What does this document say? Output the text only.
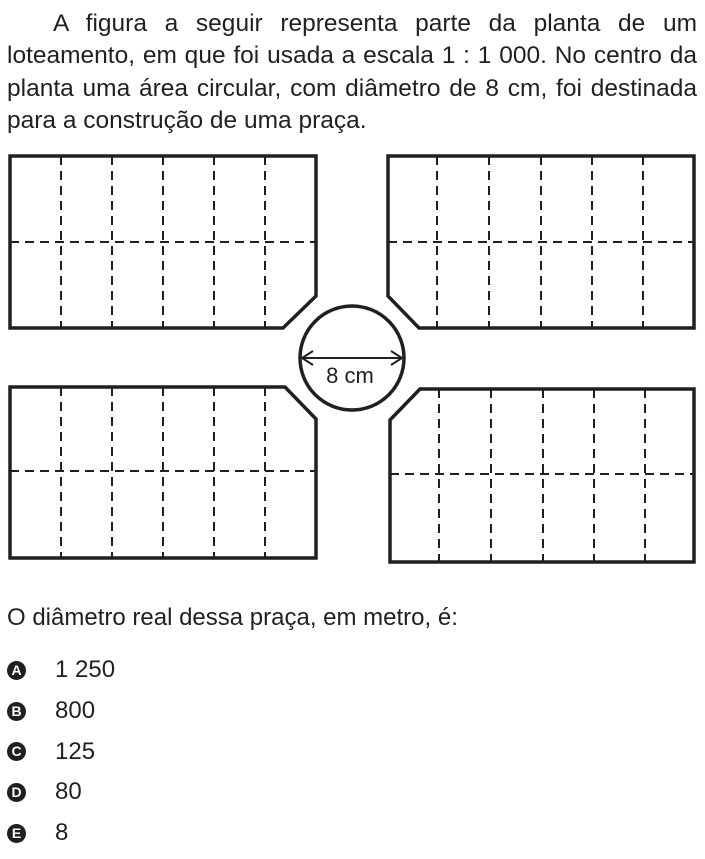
A figura a seguir representa parte da planta de um loteamento, em que foi usada a escala 1 : 1 000. No centro da planta uma área circular, com diâmetro de 8 cm, foi destinada para a construção de uma praça.

8 cm

O diâmetro real dessa praça, em metro, é:

A 1 250
B 800
C 125
D 80
E 8
